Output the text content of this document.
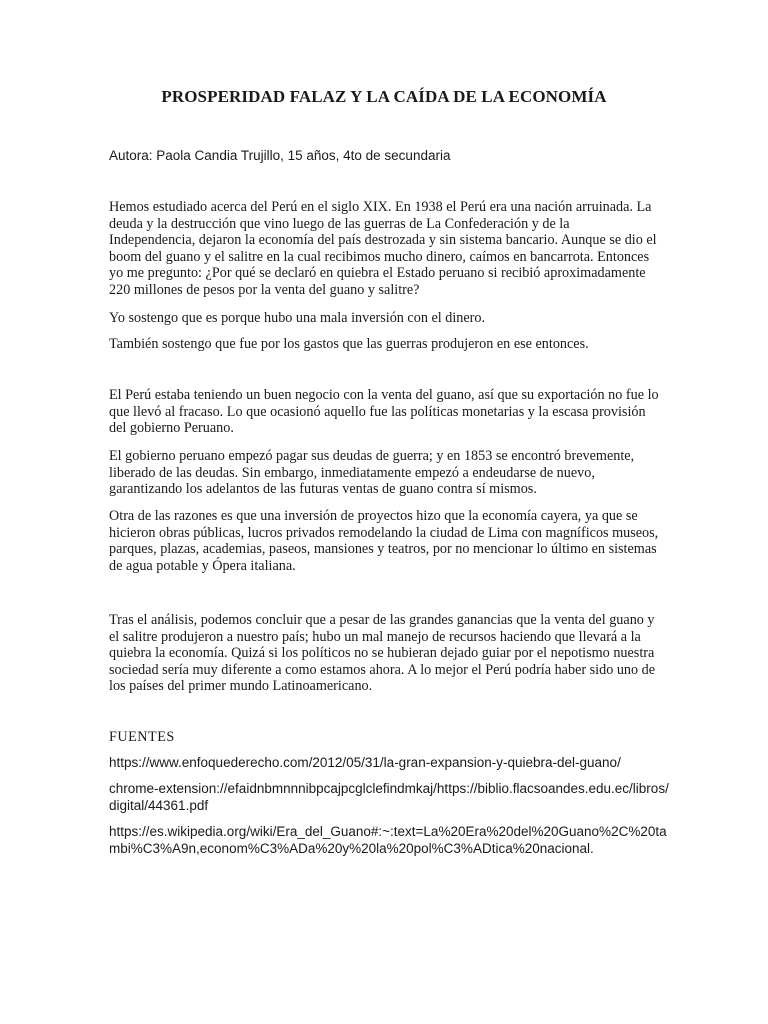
PROSPERIDAD FALAZ Y LA CAÍDA DE LA ECONOMÍA

Autora: Paola Candia Trujillo, 15 años, 4to de secundaria

Hemos estudiado acerca del Perú en el siglo XIX. En 1938 el Perú era una nación arruinada. La deuda y la destrucción que vino luego de las guerras de La Confederación y de la Independencia, dejaron la economía del país destrozada y sin sistema bancario. Aunque se dio el boom del guano y el salitre en la cual recibimos mucho dinero, caímos en bancarrota. Entonces yo me pregunto: ¿Por qué se declaró en quiebra el Estado peruano si recibió aproximadamente 220 millones de pesos por la venta del guano y salitre?

Yo sostengo que es porque hubo una mala inversión con el dinero.

También sostengo que fue por los gastos que las guerras produjeron en ese entonces.

El Perú estaba teniendo un buen negocio con la venta del guano, así que su exportación no fue lo que llevó al fracaso. Lo que ocasionó aquello fue las políticas monetarias y la escasa provisión del gobierno Peruano.

El gobierno peruano empezó pagar sus deudas de guerra; y en 1853 se encontró brevemente, liberado de las deudas. Sin embargo, inmediatamente empezó a endeudarse de nuevo, garantizando los adelantos de las futuras ventas de guano contra sí mismos.

Otra de las razones es que una inversión de proyectos hizo que la economía cayera, ya que se hicieron obras públicas, lucros privados remodelando la ciudad de Lima con magníficos museos, parques, plazas, academias, paseos, mansiones y teatros, por no mencionar lo último en sistemas de agua potable y Ópera italiana.

Tras el análisis, podemos concluir que a pesar de las grandes ganancias que la venta del guano y el salitre produjeron a nuestro país; hubo un mal manejo de recursos haciendo que llevará a la quiebra la economía. Quizá si los políticos no se hubieran dejado guiar por el nepotismo nuestra sociedad sería muy diferente a como estamos ahora. A lo mejor el Perú podría haber sido uno de los países del primer mundo Latinoamericano.

FUENTES

https://www.enfoquederecho.com/2012/05/31/la-gran-expansion-y-quiebra-del-guano/

chrome-extension://efaidnbmnnnibpcajpcglclefindmkaj/https://biblio.flacsoandes.edu.ec/libros/digital/44361.pdf

https://es.wikipedia.org/wiki/Era_del_Guano#:~:text=La%20Era%20del%20Guano%2C%20tambi%C3%A9n,econom%C3%ADa%20y%20la%20pol%C3%ADtica%20nacional.
